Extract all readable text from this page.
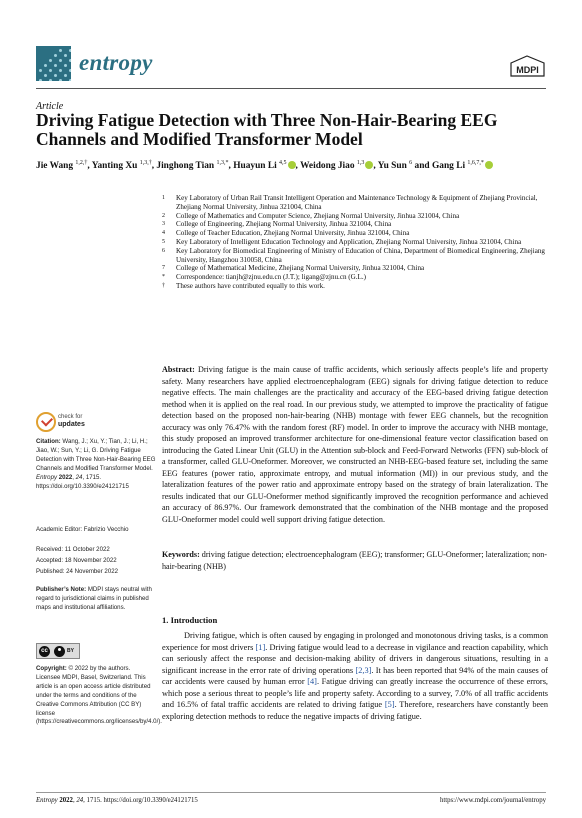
entropy	MDPI
Article
Driving Fatigue Detection with Three Non-Hair-Bearing EEG Channels and Modified Transformer Model
Jie Wang $^{1,2,\dagger}$, Yanting Xu $^{1,3,\dagger}$, Jinghong Tian $^{1,3,*}$, Huayun Li $^{4,5}$ , Weidong Jiao $^{1,3}$ , Yu Sun $^6$ and Gang Li $^{1,6,7,*}$
1	Key Laboratory of Urban Rail Transit Intelligent Operation and Maintenance Technology & Equipment of Zhejiang Provincial, Zhejiang Normal University, Jinhua 321004, China
2	College of Mathematics and Computer Science, Zhejiang Normal University, Jinhua 321004, China
3	College of Engineering, Zhejiang Normal University, Jinhua 321004, China
4	College of Teacher Education, Zhejiang Normal University, Jinhua 321004, China
5	Key Laboratory of Intelligent Education Technology and Application, Zhejiang Normal University, Jinhua 321004, China
6	Key Laboratory for Biomedical Engineering of Ministry of Education of China, Department of Biomedical Engineering, Zhejiang University, Hangzhou 310058, China
7	College of Mathematical Medicine, Zhejiang Normal University, Jinhua 321004, China
*	Correspondence: tianjh@zjnu.edu.cn (J.T.); ligang@zjnu.cn (G.L.)
†	These authors have contributed equally to this work.
check for
updates
Citation: Wang, J.; Xu, Y.; Tian, J.; Li, H.; Jiao, W.; Sun, Y.; Li, G. Driving Fatigue Detection with Three Non-Hair-Bearing EEG Channels and Modified Transformer Model. Entropy 2022, 24, 1715. https://doi.org/10.3390/e24121715
Academic Editor: Fabrizio Vecchio
Received: 11 October 2022
Accepted: 18 November 2022
Published: 24 November 2022
Publisher’s Note: MDPI stays neutral with regard to jurisdictional claims in published maps and institutional affiliations.
cc	BY
Copyright: © 2022 by the authors. Licensee MDPI, Basel, Switzerland. This article is an open access article distributed under the terms and conditions of the Creative Commons Attribution (CC BY) license (https://creativecommons.org/licenses/by/4.0/).
Abstract: Driving fatigue is the main cause of traffic accidents, which seriously affects people’s life and property safety. Many researchers have applied electroencephalogram (EEG) signals for driving fatigue detection to reduce negative effects. The main challenges are the practicality and accuracy of the EEG-based driving fatigue detection method when it is applied on the real road. In our previous study, we attempted to improve the practicality of fatigue detection based on the proposed non-hair-bearing (NHB) montage with fewer EEG channels, but the recognition accuracy was only 76.47% with the random forest (RF) model. In order to improve the accuracy with NHB montage, this study proposed an improved transformer architecture for one-dimensional feature vector classification based on introducing the Gated Linear Unit (GLU) in the Attention sub-block and Feed-Forward Networks (FFN) sub-block of a transformer, called GLU-Oneformer. Moreover, we constructed an NHB-EEG-based feature set, including the same EEG features (power ratio, approximate entropy, and mutual information (MI)) in our previous study, and the lateralization features of the power ratio and approximate entropy based on the strategy of brain lateralization. The results indicated that our GLU-Oneformer method significantly improved the recognition performance and achieved an accuracy of 86.97%. Our framework demonstrated that the combination of the NHB montage and the proposed GLU-Oneformer model could well support driving fatigue detection.
Keywords: driving fatigue detection; electroencephalogram (EEG); transformer; GLU-Oneformer; lateralization; non-hair-bearing (NHB)
1. Introduction
Driving fatigue, which is often caused by engaging in prolonged and monotonous driving tasks, is a common experience for most drivers [1]. Driving fatigue would lead to a decrease in vigilance and reaction capability, which can seriously affect the response and decision-making ability of drivers in dangerous situations, resulting in a significant increase in the error rate of driving operations [2,3]. It has been reported that 94% of the main causes of car accidents were caused by human error [4]. Fatigue driving can greatly increase the occurrence of these errors, which pose a serious threat to people’s life and property safety. According to a survey, 7.0% of all traffic accidents and 16.5% of fatal traffic accidents are related to driving fatigue [5]. Therefore, researchers have constantly been exploring detection methods to reduce the negative impacts of driving fatigue.
Entropy 2022, 24, 1715. https://doi.org/10.3390/e24121715	https://www.mdpi.com/journal/entropy
